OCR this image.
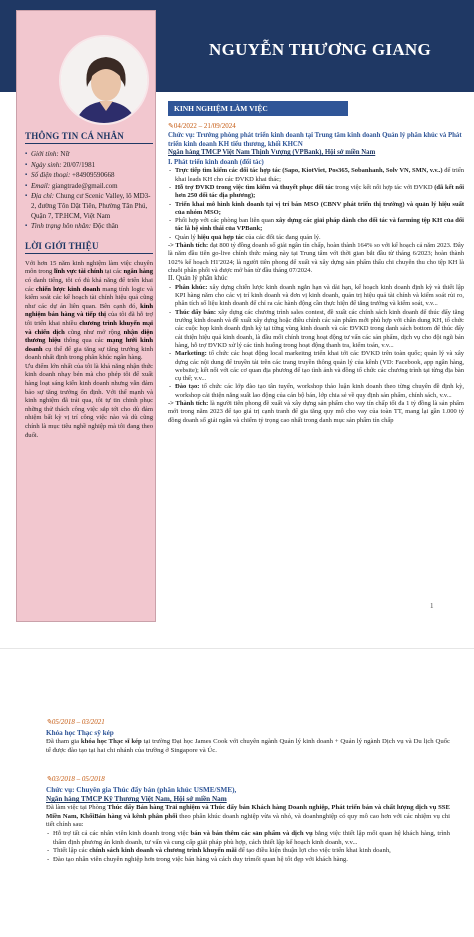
NGUYỄN THƯƠNG GIANG
THÔNG TIN CÁ NHÂN
▪ Giới tính: Nữ
▪ Ngày sinh: 20/07/1981
▪ Số điện thoại: +84909590668
▪ Email: giangtrade@gmail.com
▪ Địa chỉ: Chung cư Scenic Valley, lô MD3-2, đường Tôn Dật Tiên, Phường Tân Phú, Quận 7, TP.HCM, Việt Nam
▪ Tình trạng hôn nhân: Độc thân
LỜI GIỚI THIỆU

Với hơn 15 năm kinh nghiệm làm việc chuyên môn trong lĩnh vực tài chính tại các ngân hàng có danh tiếng, tôi có đủ khả năng để triển khai các chiến lược kinh doanh mang tính logic và kiểm soát các kế hoạch tài chính hiệu quả cũng như các dự án liên quan. Bên cạnh đó, kinh nghiệm bán hàng và tiếp thị của tôi đã hỗ trợ tôi triển khai nhiều chương trình khuyến mại và chiến dịch cũng như mở rộng nhận diện thương hiệu thông qua các mạng lưới kinh doanh cụ thể để gia tăng sự tăng trưởng kinh doanh nhất định trong phân khúc ngân hàng.

Ưu điểm lớn nhất của tôi là khả năng nhận thức kinh doanh nhạy bén mà cho phép tôi để xuất hàng loạt sáng kiến kinh doanh nhưng vẫn đảm bảo sự tăng trưởng ổn định. Với thế mạnh và kinh nghiệm đã trải qua, tôi tự tin chinh phục những thử thách công việc sắp tới cho dù đảm nhiệm bất kỳ vị trí công việc nào và dù cũng chính là mục tiêu nghề nghiệp mà tôi đang theo đuổi.

KINH NGHIỆM LÀM VIỆC
✎04/2022 – 21/09/2024
Chức vụ: Trưởng phòng phát triển kinh doanh tại Trung tâm kinh doanh Quản lý phân khúc và Phát triển kinh doanh KH tiểu thương, khối KHCN
Ngân hàng TMCP Việt Nam Thịnh Vượng (VPBank), Hội sở miền Nam
I. Phát triển kinh doanh (đối tác)
- Trực tiếp tìm kiếm các đối tác hợp tác (Sapo, KiotViet, Pos365, Sobanhanh, Solv VN, SMN, v.v..) để triển khai leads KH cho các ĐVKD khai thác;
- Hỗ trợ ĐVKD trong việc tìm kiếm và thuyết phục đối tác trong việc kết nối hợp tác với ĐVKD (đã kết nối hơn 250 đối tác địa phương);
- Triển khai mô hình kinh doanh tại vị trí bán MSO (CBNV phát triển thị trường) và quản lý hiệu suất của nhóm MSO;
- Phối hợp với các phòng ban liên quan xây dựng các giải pháp dành cho đối tác và farming tệp KH của đối tác là hệ sinh thái của VPBank;
- Quản lý hiệu quả hợp tác của các đối tác đang quản lý.
-> Thành tích: đạt 800 tỷ đồng doanh số giải ngân tín chấp, hoàn thành 164% so với kế hoạch cả năm 2023. Đây là năm đầu tiên go-live chính thức mảng này tại Trung tâm với thời gian bắt đầu từ tháng 6/2023; hoàn thành 102% kế hoạch H1'2024; là người tiên phong để xuất và xây dựng sản phẩm thấu chi chuyên thu cho tệp KH là chuỗi phân phối và được mở bán từ đầu tháng 07/2024.
II. Quản lý phân khúc
- Phân khúc: xây dựng chiến lược kinh doanh ngắn hạn và dài hạn, kế hoạch kinh doanh định kỳ và thiết lập KPI hàng năm cho các vị trí kinh doanh và đơn vị kinh doanh, quản trị hiệu quả tài chính và kiểm soát rủi ro, phân tích số liệu kinh doanh để chỉ ra các hành động cần thực hiện để tăng trưởng và kiểm soát, v.v...
- Thúc đẩy bán: xây dựng các chương trình sales contest, đề xuất các chính sách kinh doanh để thúc đẩy tăng trưởng kinh doanh và đề xuất xây dựng hoặc điều chỉnh các sản phẩm mới phù hợp với chân dung KH, tổ chức các cuộc họp kinh doanh định kỳ tại từng vùng kinh doanh và các ĐVKD trong danh sách bottom để thúc đẩy cải thiện hiệu quả kinh doanh, là đầu mối chính trong hoạt động tư vấn các sản phẩm, dịch vụ cho đội ngũ bán hàng, hỗ trợ ĐVKD xử lý các tình huống trong hoạt động thanh tra, kiểm toán, v.v...
- Marketing: tổ chức các hoạt động local markeitng triển khai tới các ĐVKD trên toàn quốc; quản lý và xây dựng các nội dung để truyền tải trên các trang truyền thông quản lý của kênh (VD: Facebook, app ngân hàng, website); kết nối với các cơ quan địa phương để tạo tình ảnh và đồng tổ chức các chương trình tại từng địa bàn cụ thể; v.v...
- Đào tạo: tổ chức các lớp đào tạo tân tuyển, workshop thảo luận kinh doanh theo từng chuyên đề định kỳ, workshop cải thiện năng suất lao động của cán bộ bán, lớp chia sẻ về quy định sản phẩm, chính sách, v.v...
-> Thành tích: là người tiên phong đề xuất và xây dựng sản phẩm cho vay tín chấp tối đa 1 tỷ đồng là sản phẩm mới trong năm 2023 để tạo giá trị cạnh tranh để gia tăng quy mô cho vay của toàn TT, mang lại gần 1.000 tỷ đồng doanh số giải ngân và chiếm tỷ trọng cao nhất trong danh mục sản phẩm tín chấp
1
✎05/2018 – 03/2021
Khóa học Thạc sỹ kép
Đã tham gia khóa học Thạc sĩ kép tại trường Đại học James Cook với chuyên ngành Quản lý kinh doanh + Quản lý ngành Dịch vụ và Du lịch Quốc tế được đào tạo tại hai chi nhánh của trường ở Singapore và Úc.
✎03/2018 – 05/2018
Chức vụ: Chuyên gia Thúc đẩy bán (phân khúc USME/SME),
Ngân hàng TMCP Kỹ Thương Việt Nam, Hội sở miền Nam
Đã làm việc tại Phòng Thúc đẩy Bán hàng Trải nghiệm và Thúc đẩy bán Khách hàng Doanh nghiệp, Phát triển bán và chất lượng dịch vụ SSE Miền Nam, KhốiBán hàng và kênh phân phối theo phân khúc doanh nghiệp vừa và nhỏ, và doanhnghiệp có quy mô cao hơn với các nhiệm vụ chi tiết chính sau:
- Hỗ trợ tất cả các nhân viên kinh doanh trong việc bán và bán thêm các sản phẩm và dịch vụ bằng việc thiết lập mối quan hệ khách hàng, trình thẩm định phương án kinh doanh, tư vấn và cung cấp giải pháp phù hợp, cách thiết lập kế hoạch kinh doanh, v.v...
- Thiết lập các chính sách kinh doanh và chương trình khuyến mãi để tạo điều kiện thuận lợi cho việc triển khai kinh doanh,
- Đào tạo nhân viên chuyên nghiệp hơn trong việc bán hàng và cách duy trìmối quan hệ tốt đẹp với khách hàng.
